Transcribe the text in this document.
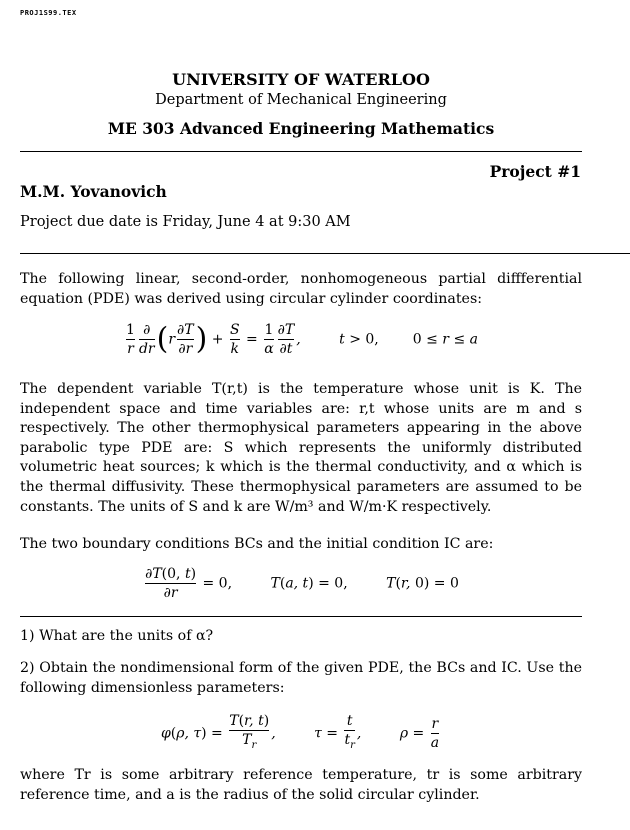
PROJ1S99.TEX
UNIVERSITY OF WATERLOO
Department of Mechanical Engineering
ME 303 Advanced Engineering Mathematics
Project #1
M.M. Yovanovich
Project due date is Friday, June 4 at 9:30 AM

The following linear, second-order, nonhomogeneous partial diffferential equation (PDE) was derived using circular cylinder coordinates:

$\frac{1}{r} \frac{\partial}{dr} (r \frac{\partial T}{\partial r}$ ) + $\frac{S}{k} = \frac{1}{\alpha} \frac{\partial T}{\partial t}$ , t > 0, 0 ≤ r ≤ a

The dependent variable T(r,t) is the temperature whose unit is K. The independent space and time variables are: r,t whose units are m and s respectively. The other thermophysical parameters appearing in the above parabolic type PDE are: S which represents the uniformly distributed volumetric heat sources; k which is the thermal conductivity, and α which is the thermal diffusivity. These thermophysical parameters are assumed to be constants. The units of S and k are W/m³ and W/m·K respectively.

The two boundary conditions BCs and the initial condition IC are:

$\frac{\partial T(0, t)}{\partial r} = 0$, T(a, t) = 0, T(r, 0) = 0

1) What are the units of α?

2) Obtain the nondimensional form of the given PDE, the BCs and IC. Use the following dimensionless parameters:

φ(ρ, $\tau) = \frac{T(r, t)}{T_r}$ , $\tau = \frac{t}{t_r}$ , $\rho = \frac{r}{a}$

where Tr is some arbitrary reference temperature, tr is some arbitrary reference time, and a is the radius of the solid circular cylinder.
